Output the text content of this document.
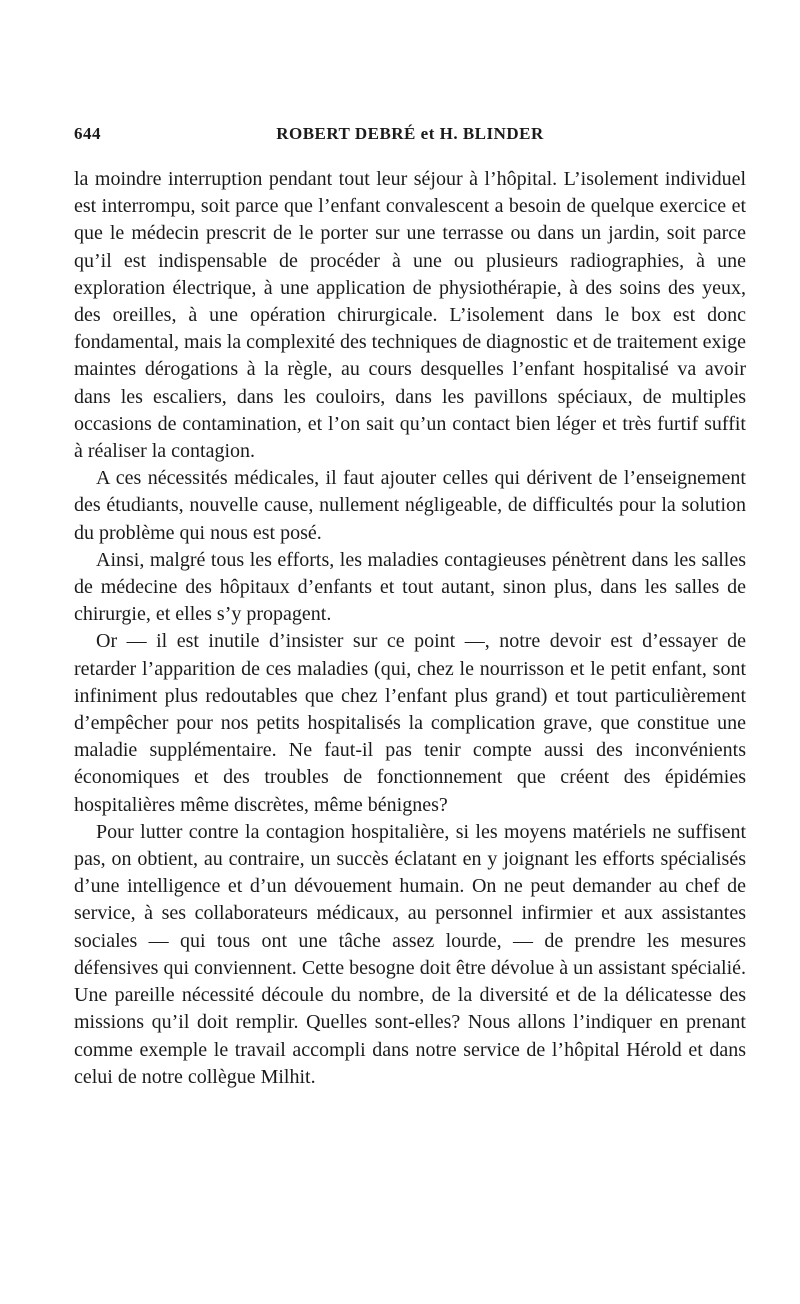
644	ROBERT DEBRÉ et H. BLINDER

la moindre interruption pendant tout leur séjour à l’hôpital. L’isolement individuel est interrompu, soit parce que l’enfant convalescent a besoin de quelque exercice et que le médecin prescrit de le porter sur une terrasse ou dans un jardin, soit parce qu’il est indispensable de procéder à une ou plusieurs radiographies, à une exploration électrique, à une application de physiothérapie, à des soins des yeux, des oreilles, à une opération chirurgicale. L’isolement dans le box est donc fondamental, mais la complexité des techniques de diagnostic et de traitement exige maintes dérogations à la règle, au cours desquelles l’enfant hospitalisé va avoir dans les escaliers, dans les couloirs, dans les pavillons spéciaux, de multiples occasions de contamination, et l’on sait qu’un contact bien léger et très furtif suffit à réaliser la contagion.

A ces nécessités médicales, il faut ajouter celles qui dérivent de l’enseignement des étudiants, nouvelle cause, nullement négligeable, de difficultés pour la solution du problème qui nous est posé.

Ainsi, malgré tous les efforts, les maladies contagieuses pénètrent dans les salles de médecine des hôpitaux d’enfants et tout autant, sinon plus, dans les salles de chirurgie, et elles s’y propagent.

Or — il est inutile d’insister sur ce point —, notre devoir est d’essayer de retarder l’apparition de ces maladies (qui, chez le nourrisson et le petit enfant, sont infiniment plus redoutables que chez l’enfant plus grand) et tout particulièrement d’empêcher pour nos petits hospitalisés la complication grave, que constitue une maladie supplémentaire. Ne faut-il pas tenir compte aussi des inconvénients économiques et des troubles de fonctionnement que créent des épidémies hospitalières même discrètes, même bénignes?

Pour lutter contre la contagion hospitalière, si les moyens matériels ne suffisent pas, on obtient, au contraire, un succès éclatant en y joignant les efforts spécialisés d’une intelligence et d’un dévouement humain. On ne peut demander au chef de service, à ses collaborateurs médicaux, au personnel infirmier et aux assistantes sociales — qui tous ont une tâche assez lourde, — de prendre les mesures défensives qui conviennent. Cette besogne doit être dévolue à un assistant spécialié. Une pareille nécessité découle du nombre, de la diversité et de la délicatesse des missions qu’il doit remplir. Quelles sont-elles? Nous allons l’indiquer en prenant comme exemple le travail accompli dans notre service de l’hôpital Hérold et dans celui de notre collègue Milhit.
